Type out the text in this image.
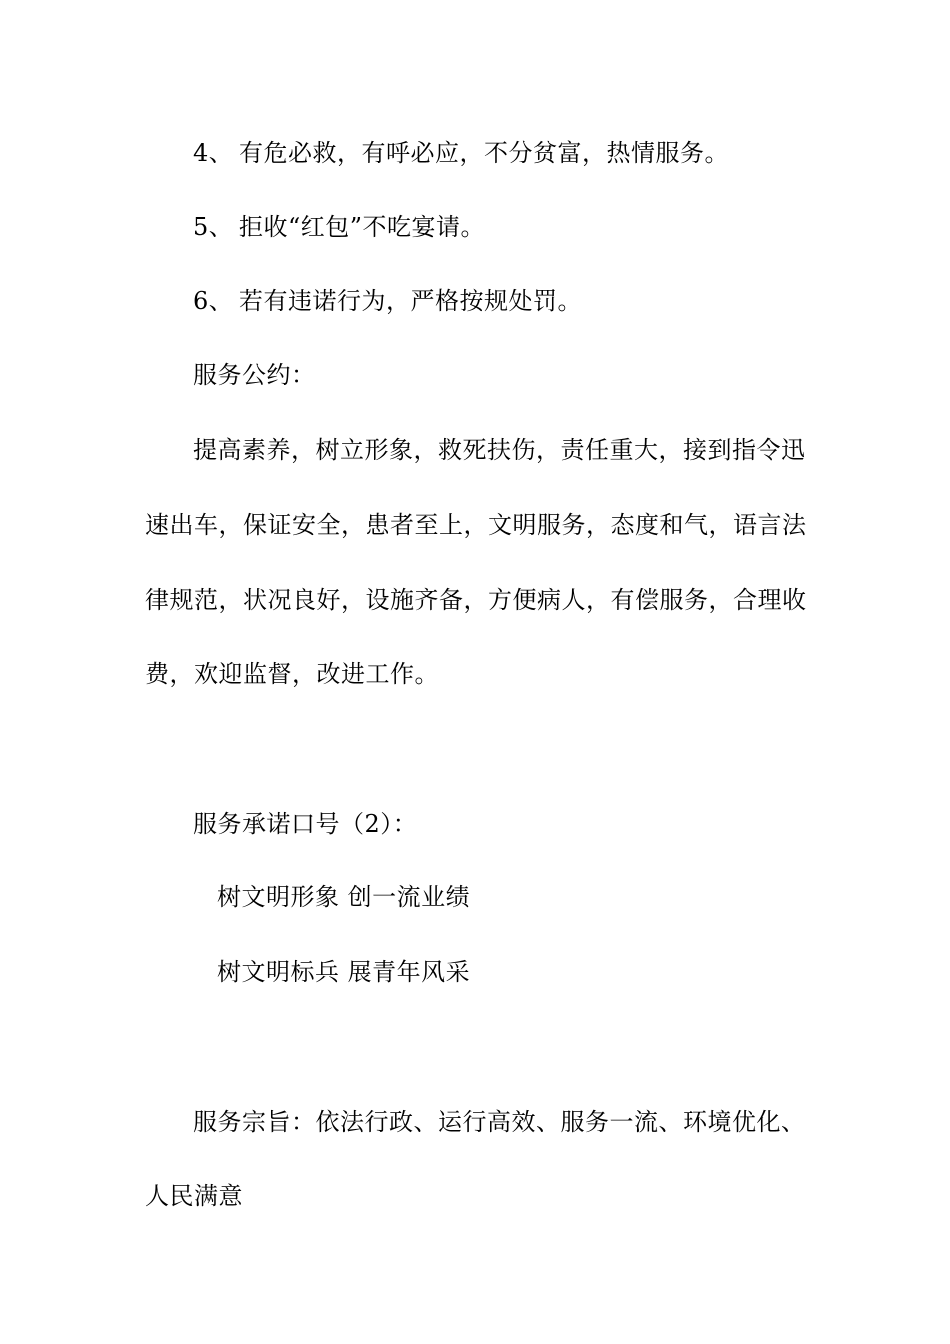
4、 有危必救，有呼必应，不分贫富，热情服务。
5、 拒收“红包”不吃宴请。
6、 若有违诺行为，严格按规处罚。
服务公约：
提高素养，树立形象，救死扶伤，责任重大，接到指令迅
速出车，保证安全，患者至上，文明服务，态度和气，语言法
律规范，状况良好，设施齐备，方便病人，有偿服务，合理收
费，欢迎监督，改进工作。
服务承诺口号（2）：
树文明形象 创一流业绩
树文明标兵 展青年风采
服务宗旨：依法行政、运行高效、服务一流、环境优化、
人民满意
